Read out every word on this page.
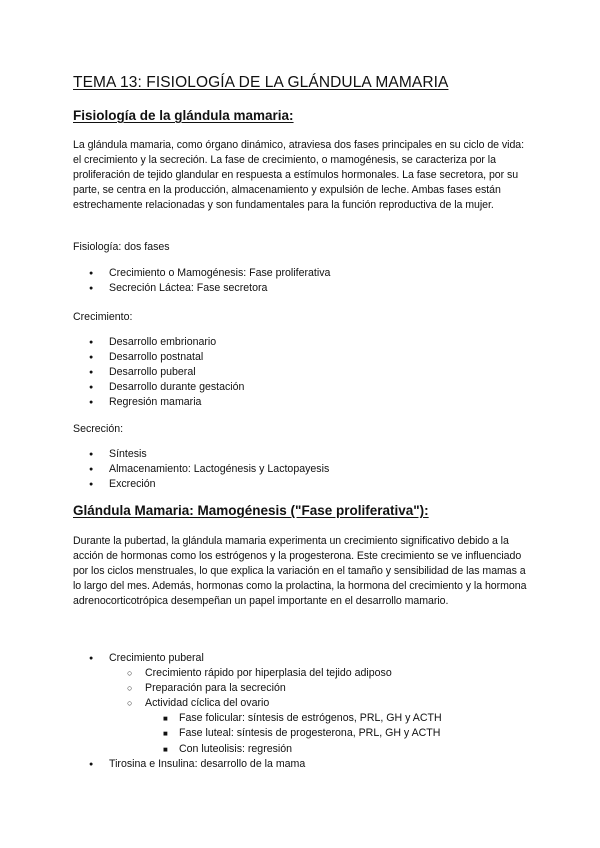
TEMA 13: FISIOLOGÍA DE LA GLÁNDULA MAMARIA
Fisiología de la glándula mamaria:

La glándula mamaria, como órgano dinámico, atraviesa dos fases principales en su ciclo de vida: el crecimiento y la secreción. La fase de crecimiento, o mamogénesis, se caracteriza por la proliferación de tejido glandular en respuesta a estímulos hormonales. La fase secretora, por su parte, se centra en la producción, almacenamiento y expulsión de leche. Ambas fases están estrechamente relacionadas y son fundamentales para la función reproductiva de la mujer.

Fisiología: dos fases

● Crecimiento o Mamogénesis: Fase proliferativa
● Secreción Láctea: Fase secretora

Crecimiento:

● Desarrollo embrionario
● Desarrollo postnatal
● Desarrollo puberal
● Desarrollo durante gestación
● Regresión mamaria

Secreción:

● Síntesis
● Almacenamiento: Lactogénesis y Lactopayesis
● Excreción
Glándula Mamaria: Mamogénesis ("Fase proliferativa"):

Durante la pubertad, la glándula mamaria experimenta un crecimiento significativo debido a la acción de hormonas como los estrógenos y la progesterona. Este crecimiento se ve influenciado por los ciclos menstruales, lo que explica la variación en el tamaño y sensibilidad de las mamas a lo largo del mes. Además, hormonas como la prolactina, la hormona del crecimiento y la hormona adrenocorticotrópica desempeñan un papel importante en el desarrollo mamario.

● Crecimiento puberal
○ Crecimiento rápido por hiperplasia del tejido adiposo
○ Preparación para la secreción
○ Actividad cíclica del ovario
■ Fase folicular: síntesis de estrógenos, PRL, GH y ACTH
■ Fase luteal: síntesis de progesterona, PRL, GH y ACTH
■ Con luteolisis: regresión
● Tirosina e Insulina: desarrollo de la mama
